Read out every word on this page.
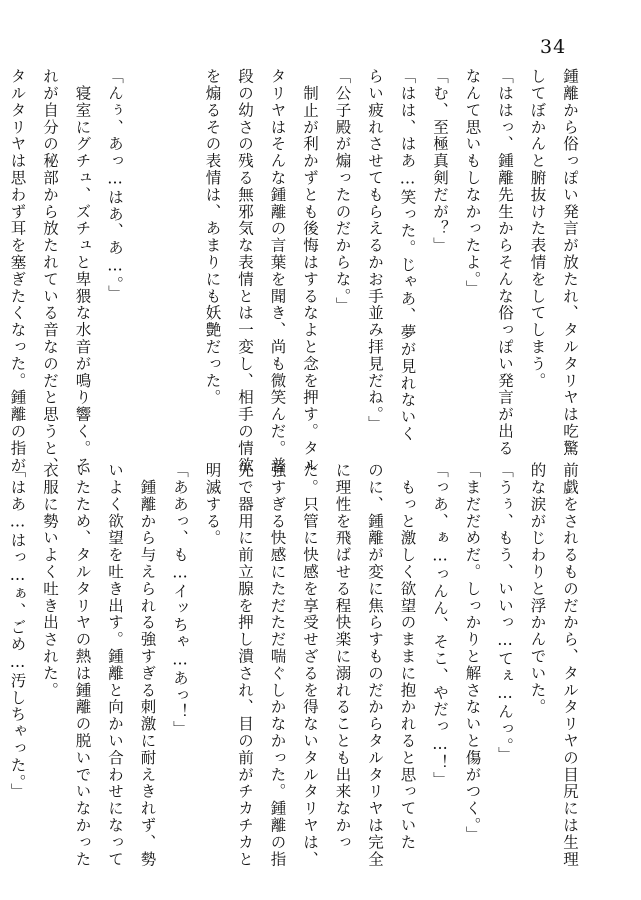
34
鍾離から俗っぽい発言が放たれ、タルタリヤは吃驚
してぼかんと腑抜けた表情をしてしまう。
「ははっ、鍾離先生からそんな俗っぽい発言が出る
なんて思いもしなかったよ。」
「む、至極真剣だが？」
「はは、はあ…笑った。じゃあ、夢が見れないく
らい疲れさせてもらえるかお手並み拝見だね。」
「公子殿が煽ったのだからな。」
　制止が利かずとも後悔はするなよと念を押す。タル
タリヤはそんな鍾離の言葉を聞き、尚も微笑んだ。普
段の幼さの残る無邪気な表情とは一変し、相手の情欲
を煽るその表情は、あまりにも妖艶だった。
「んぅ、あっ…はあ、あ…。」
　寝室にグチュ、ズチュと卑猥な水音が鳴り響く。そ
れが自分の秘部から放たれている音なのだと思うと、
タルタリヤは思わず耳を塞ぎたくなった。鍾離の指が
前戯をされるものだから、タルタリヤの目尻には生理
的な涙がじわりと浮かんでいた。
「うぅ、もう、いいっ…てぇ…んっ。」
「まだだめだ。しっかりと解さないと傷がつく。」
「っあ、ぁ…っんん、そこ、やだっ…！」
　もっと激しく欲望のままに抱かれると思っていた
のに、鍾離が変に焦らすものだからタルタリヤは完全
に理性を飛ばせる程快楽に溺れることも出来なかっ
た。只管に快感を享受せざるを得ないタルタリヤは、
強すぎる快感にただただ喘ぐしかなかった。鍾離の指
先で器用に前立腺を押し潰され、目の前がチカチカと
明滅する。
「ああっ、も…イッちゃ…あっ！」
　鍾離から与えられる強すぎる刺激に耐えきれず、勢
いよく欲望を吐き出す。鍾離と向かい合わせになって
いたため、タルタリヤの熱は鍾離の脱いでいなかった
衣服に勢いよく吐き出された。
「はあ…はっ…ぁ、ごめ…汚しちゃった。」
